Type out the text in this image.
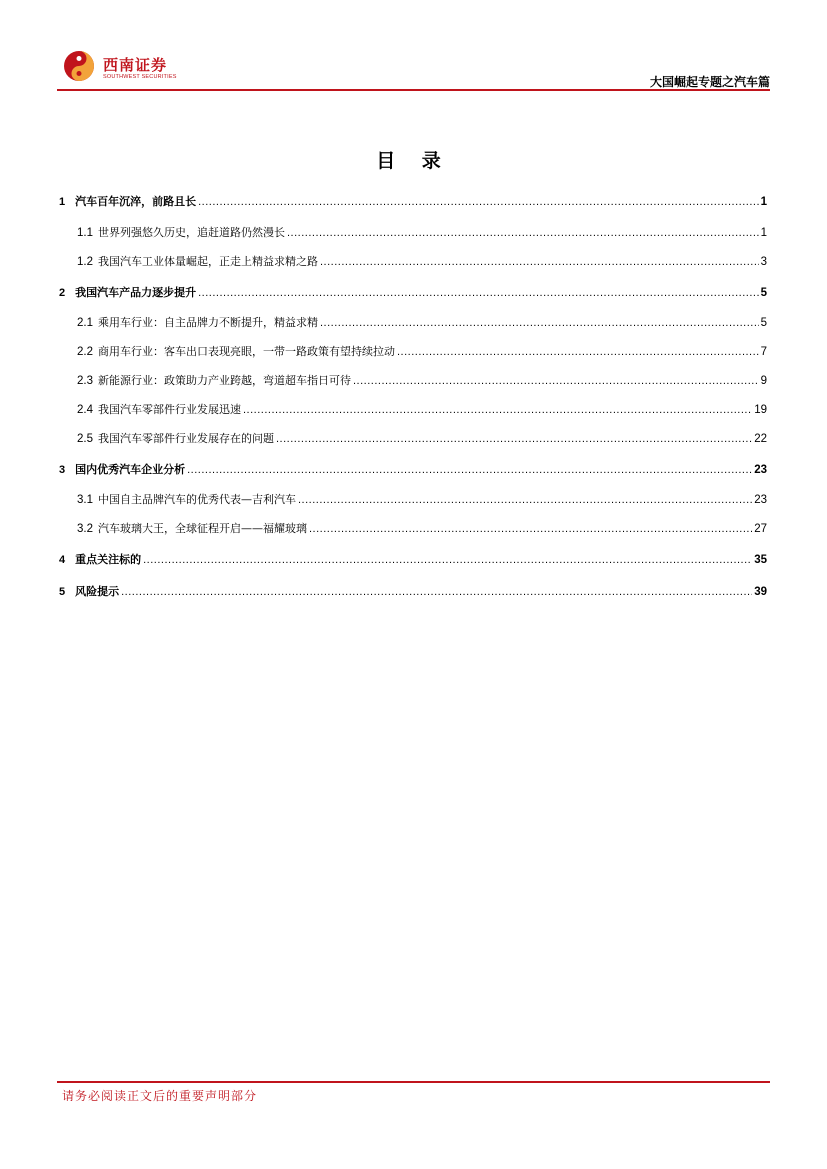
西南证券
SOUTHWEST SECURITIES	大国崛起专题之汽车篇
目 录
1 汽车百年沉淬，前路且长 .....	1
1.1 世界列强悠久历史，追赶道路仍然漫长 .....	1
1.2 我国汽车工业体量崛起，正走上精益求精之路 .....	3
2 我国汽车产品力逐步提升 .....	5
2.1 乘用车行业：自主品牌力不断提升，精益求精 .....	5
2.2 商用车行业：客车出口表现亮眼，一带一路政策有望持续拉动 .....	7
2.3 新能源行业：政策助力产业跨越，弯道超车指日可待 .....	9
2.4 我国汽车零部件行业发展迅速 .....	19
2.5 我国汽车零部件行业发展存在的问题 .....	22
3 国内优秀汽车企业分析 .....	23
3.1 中国自主品牌汽车的优秀代表—吉利汽车 .....	23
3.2 汽车玻璃大王，全球征程开启——福耀玻璃 .....	27
4 重点关注标的 .....	35
5 风险提示 .....	39
请务必阅读正文后的重要声明部分
